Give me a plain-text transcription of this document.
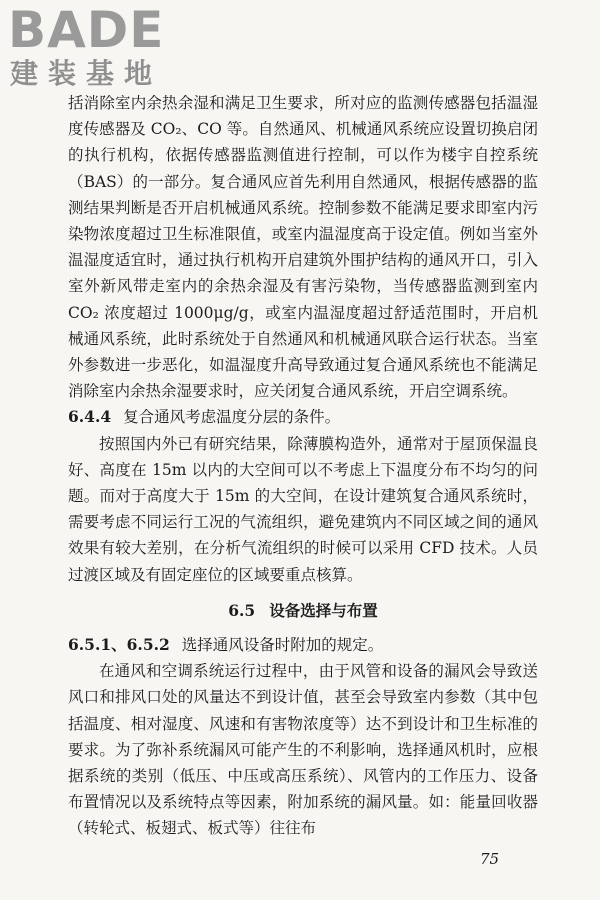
BADE
建装基地

括消除室内余热余湿和满足卫生要求，所对应的监测传感器包括温湿度传感器及 CO₂、CO 等。自然通风、机械通风系统应设置切换启闭的执行机构，依据传感器监测值进行控制，可以作为楼宇自控系统（BAS）的一部分。复合通风应首先利用自然通风，根据传感器的监测结果判断是否开启机械通风系统。控制参数不能满足要求即室内污染物浓度超过卫生标准限值，或室内温湿度高于设定值。例如当室外温湿度适宜时，通过执行机构开启建筑外围护结构的通风开口，引入室外新风带走室内的余热余湿及有害污染物，当传感器监测到室内 CO₂ 浓度超过 1000μg/g，或室内温湿度超过舒适范围时，开启机械通风系统，此时系统处于自然通风和机械通风联合运行状态。当室外参数进一步恶化，如温湿度升高导致通过复合通风系统也不能满足消除室内余热余湿要求时，应关闭复合通风系统，开启空调系统。

6.4.4 复合通风考虑温度分层的条件。

按照国内外已有研究结果，除薄膜构造外，通常对于屋顶保温良好、高度在 15m 以内的大空间可以不考虑上下温度分布不均匀的问题。而对于高度大于 15m 的大空间，在设计建筑复合通风系统时，需要考虑不同运行工况的气流组织，避免建筑内不同区域之间的通风效果有较大差别，在分析气流组织的时候可以采用 CFD 技术。人员过渡区域及有固定座位的区域要重点核算。

6.5 设备选择与布置

6.5.1、6.5.2 选择通风设备时附加的规定。

在通风和空调系统运行过程中，由于风管和设备的漏风会导致送风口和排风口处的风量达不到设计值，甚至会导致室内参数（其中包括温度、相对湿度、风速和有害物浓度等）达不到设计和卫生标准的要求。为了弥补系统漏风可能产生的不利影响，选择通风机时，应根据系统的类别（低压、中压或高压系统）、风管内的工作压力、设备布置情况以及系统特点等因素，附加系统的漏风量。如：能量回收器（转轮式、板翅式、板式等）往往布

75
